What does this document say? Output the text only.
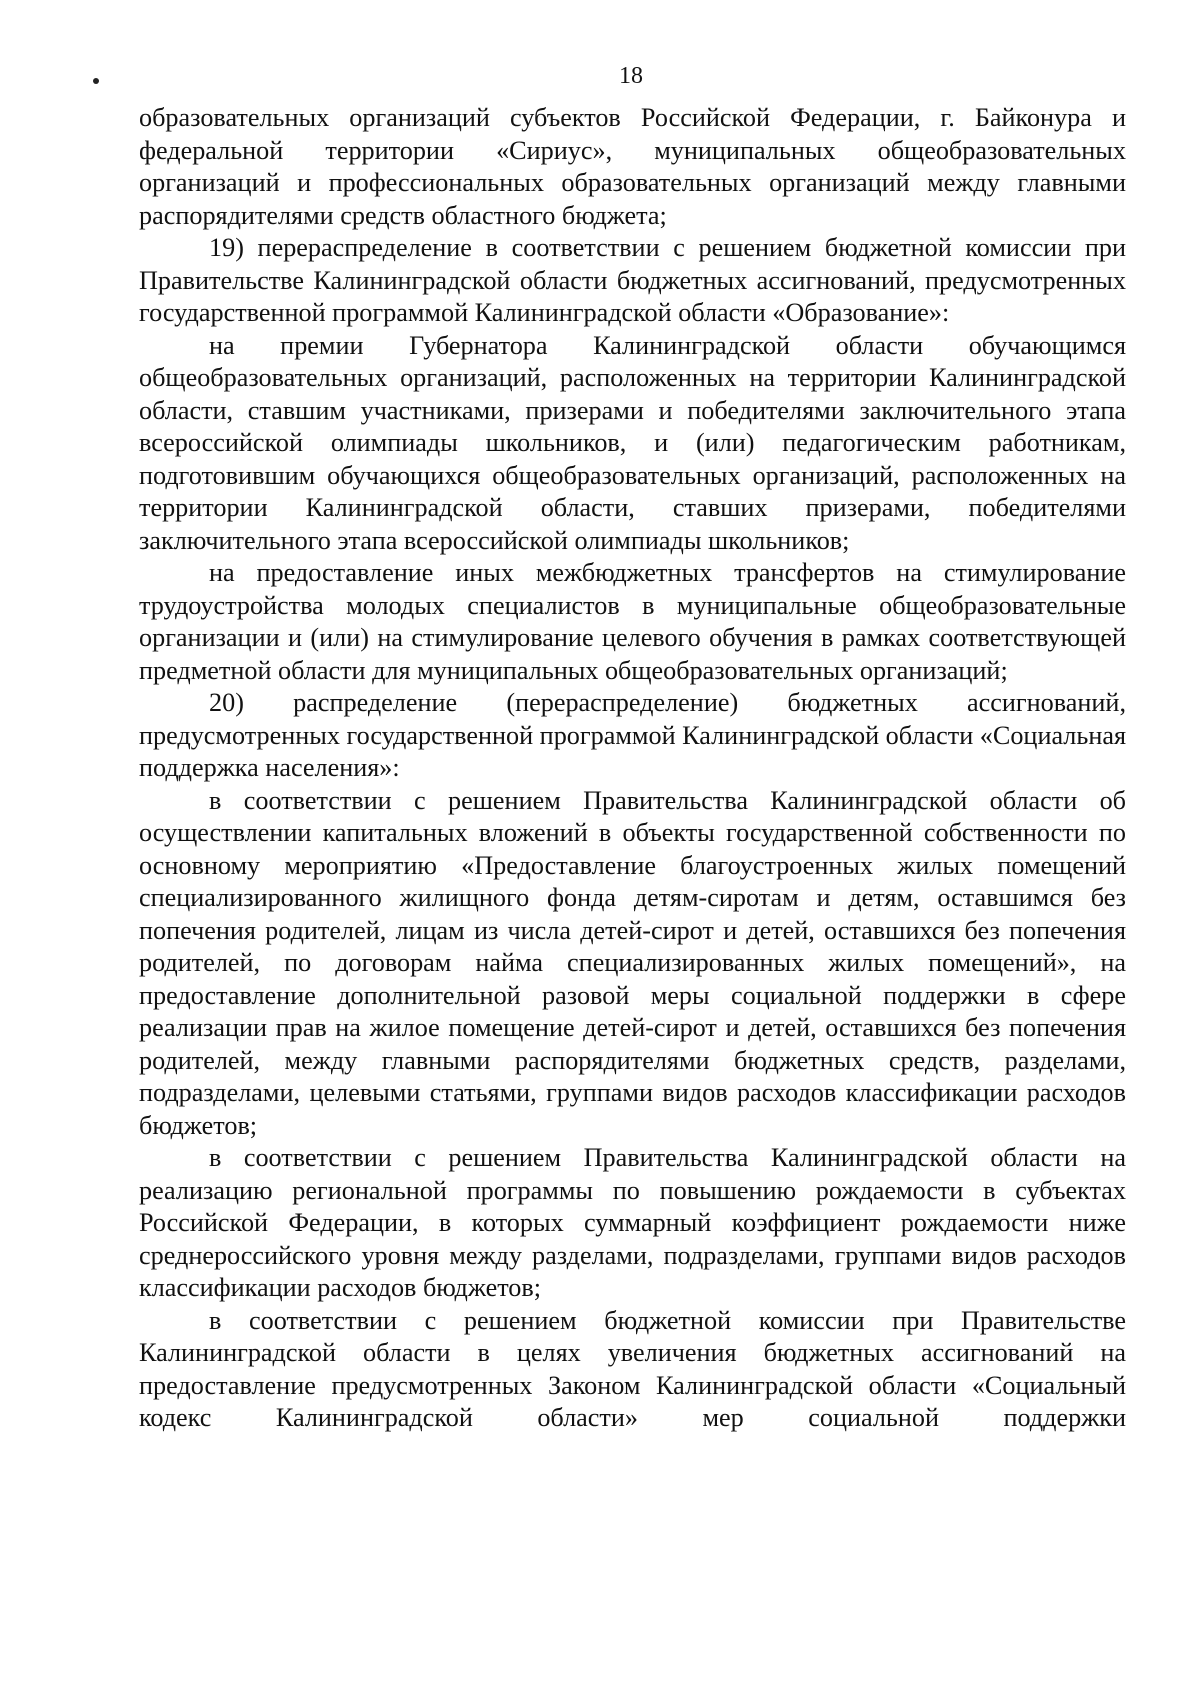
18

образовательных организаций субъектов Российской Федерации, г. Байконура и федеральной территории «Сириус», муниципальных общеобразовательных организаций и профессиональных образовательных организаций между главными распорядителями средств областного бюджета;

19) перераспределение в соответствии с решением бюджетной комиссии при Правительстве Калининградской области бюджетных ассигнований, предусмотренных государственной программой Калининградской области «Образование»:

на премии Губернатора Калининградской области обучающимся общеобразовательных организаций, расположенных на территории Калининградской области, ставшим участниками, призерами и победителями заключительного этапа всероссийской олимпиады школьников, и (или) педагогическим работникам, подготовившим обучающихся общеобразовательных организаций, расположенных на территории Калининградской области, ставших призерами, победителями заключительного этапа всероссийской олимпиады школьников;

на предоставление иных межбюджетных трансфертов на стимулирование трудоустройства молодых специалистов в муниципальные общеобразовательные организации и (или) на стимулирование целевого обучения в рамках соответствующей предметной области для муниципальных общеобразовательных организаций;

20) распределение (перераспределение) бюджетных ассигнований, предусмотренных государственной программой Калининградской области «Социальная поддержка населения»:

в соответствии с решением Правительства Калининградской области об осуществлении капитальных вложений в объекты государственной собственности по основному мероприятию «Предоставление благоустроенных жилых помещений специализированного жилищного фонда детям-сиротам и детям, оставшимся без попечения родителей, лицам из числа детей-сирот и детей, оставшихся без попечения родителей, по договорам найма специализированных жилых помещений», на предоставление дополнительной разовой меры социальной поддержки в сфере реализации прав на жилое помещение детей-сирот и детей, оставшихся без попечения родителей, между главными распорядителями бюджетных средств, разделами, подразделами, целевыми статьями, группами видов расходов классификации расходов бюджетов;

в соответствии с решением Правительства Калининградской области на реализацию региональной программы по повышению рождаемости в субъектах Российской Федерации, в которых суммарный коэффициент рождаемости ниже среднероссийского уровня между разделами, подразделами, группами видов расходов классификации расходов бюджетов;

в соответствии с решением бюджетной комиссии при Правительстве Калининградской области в целях увеличения бюджетных ассигнований на предоставление предусмотренных Законом Калининградской области «Социальный кодекс Калининградской области» мер социальной поддержки
